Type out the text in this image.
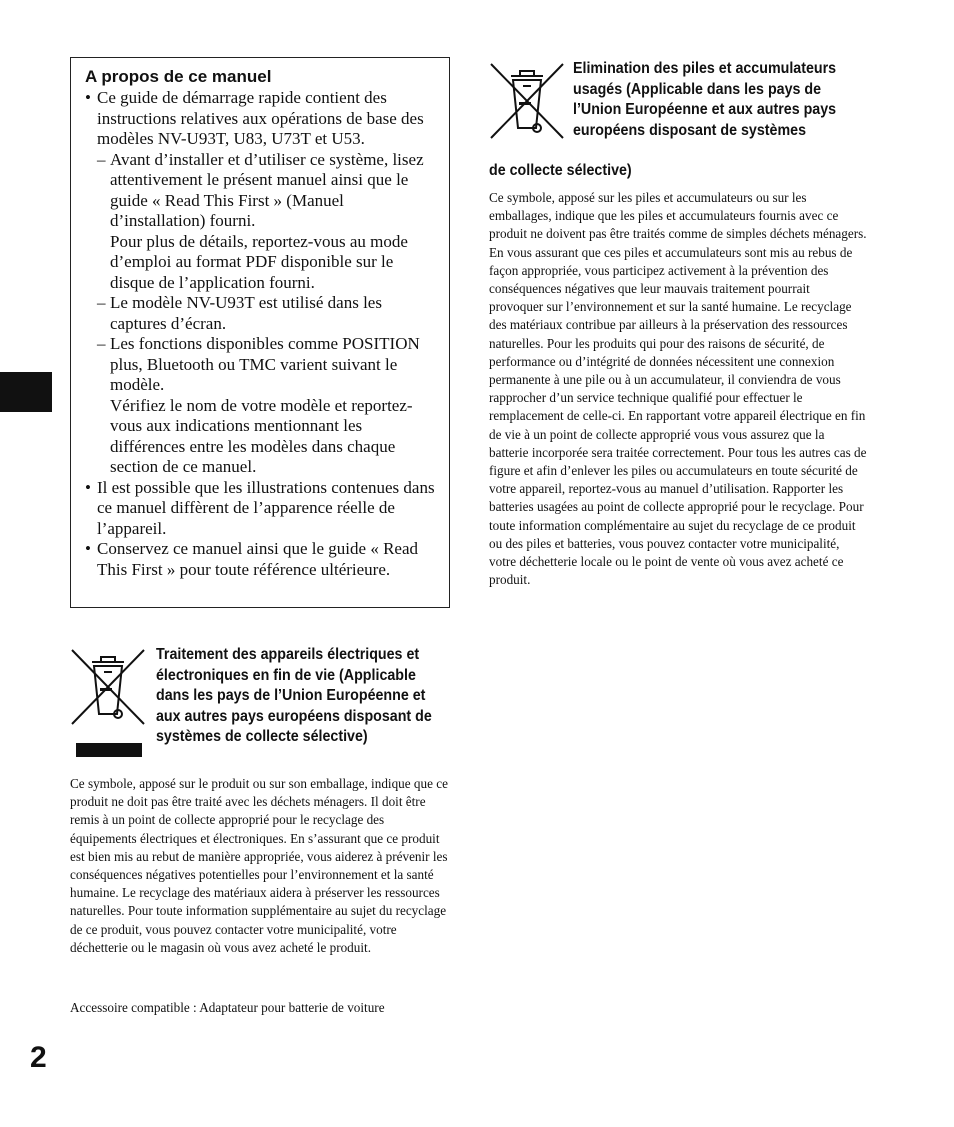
A propos de ce manuel
• Ce guide de démarrage rapide contient des instructions relatives aux opérations de base des modèles NV-U93T, U83, U73T et U53.
– Avant d’installer et d’utiliser ce système, lisez attentivement le présent manuel ainsi que le guide « Read This First » (Manuel d’installation) fourni.
Pour plus de détails, reportez-vous au mode d’emploi au format PDF disponible sur le disque de l’application fourni.
– Le modèle NV-U93T est utilisé dans les captures d’écran.
– Les fonctions disponibles comme POSITION plus, Bluetooth ou TMC varient suivant le modèle.
Vérifiez le nom de votre modèle et reportez-vous aux indications mentionnant les différences entre les modèles dans chaque section de ce manuel.
• Il est possible que les illustrations contenues dans ce manuel diffèrent de l’apparence réelle de l’appareil.
• Conservez ce manuel ainsi que le guide « Read This First » pour toute référence ultérieure.
Traitement des appareils électriques et électroniques en fin de vie (Applicable dans les pays de l’Union Européenne et aux autres pays européens disposant de systèmes de collecte sélective)
Ce symbole, apposé sur le produit ou sur son emballage, indique que ce produit ne doit pas être traité avec les déchets ménagers. Il doit être remis à un point de collecte approprié pour le recyclage des équipements électriques et électroniques. En s’assurant que ce produit est bien mis au rebut de manière appropriée, vous aiderez à prévenir les conséquences négatives potentielles pour l’environnement et la santé humaine. Le recyclage des matériaux aidera à préserver les ressources naturelles. Pour toute information supplémentaire au sujet du recyclage de ce produit, vous pouvez contacter votre municipalité, votre déchetterie ou le magasin où vous avez acheté le produit.
Accessoire compatible : Adaptateur pour batterie de voiture
Elimination des piles et accumulateurs usagés (Applicable dans les pays de l’Union Européenne et aux autres pays européens disposant de systèmes
de collecte sélective)
Ce symbole, apposé sur les piles et accumulateurs ou sur les emballages, indique que les piles et accumulateurs fournis avec ce produit ne doivent pas être traités comme de simples déchets ménagers. En vous assurant que ces piles et accumulateurs sont mis au rebus de façon appropriée, vous participez activement à la prévention des conséquences négatives que leur mauvais traitement pourrait provoquer sur l’environnement et sur la santé humaine. Le recyclage des matériaux contribue par ailleurs à la préservation des ressources naturelles. Pour les produits qui pour des raisons de sécurité, de performance ou d’intégrité de données nécessitent une connexion permanente à une pile ou à un accumulateur, il conviendra de vous rapprocher d’un service technique qualifié pour effectuer le remplacement de celle-ci. En rapportant votre appareil électrique en fin de vie à un point de collecte approprié vous vous assurez que la batterie incorporée sera traitée correctement. Pour tous les autres cas de figure et afin d’enlever les piles ou accumulateurs en toute sécurité de votre appareil, reportez-vous au manuel d’utilisation. Rapporter les batteries usagées au point de collecte approprié pour le recyclage. Pour toute information complémentaire au sujet du recyclage de ce produit ou des piles et batteries, vous pouvez contacter votre municipalité, votre déchetterie locale ou le point de vente où vous avez acheté ce produit.
2
